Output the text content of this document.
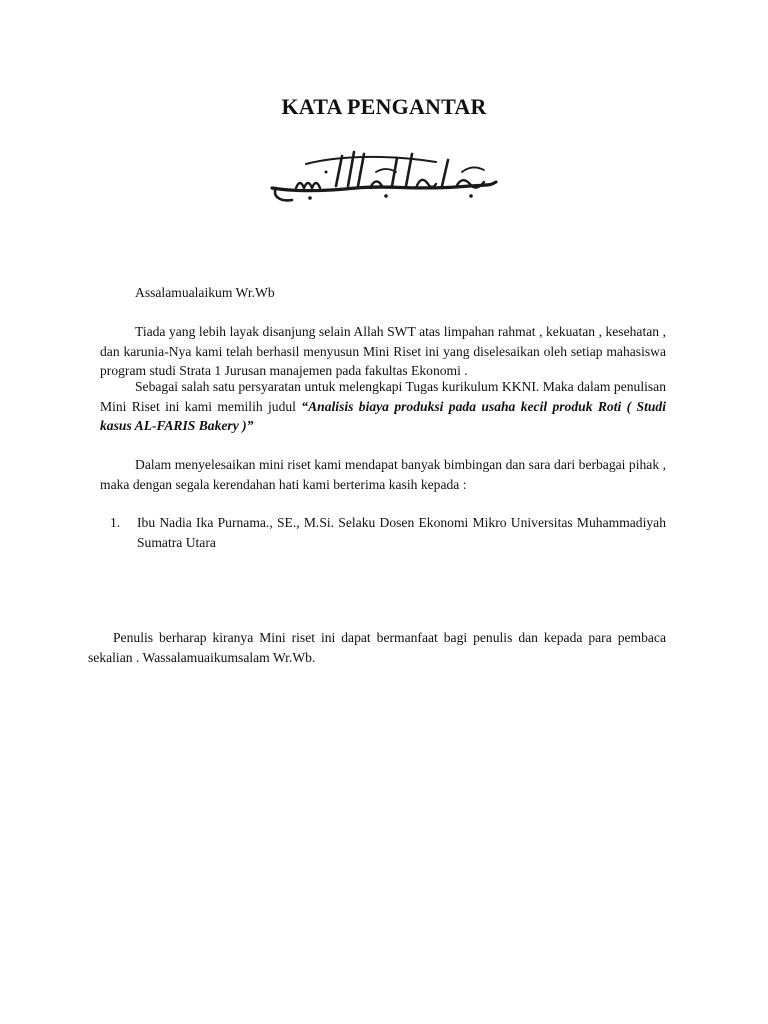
KATA PENGANTAR
Assalamualaikum Wr.Wb
Tiada yang lebih layak disanjung selain Allah SWT atas limpahan rahmat , kekuatan , kesehatan , dan karunia-Nya kami telah berhasil menyusun Mini Riset ini yang diselesaikan oleh setiap mahasiswa program studi Strata 1 Jurusan manajemen pada fakultas Ekonomi .
Sebagai salah satu persyaratan untuk melengkapi Tugas kurikulum KKNI. Maka dalam penulisan Mini Riset ini kami memilih judul “Analisis biaya produksi pada usaha kecil produk Roti ( Studi kasus AL-FARIS Bakery )”
Dalam menyelesaikan mini riset kami mendapat banyak bimbingan dan sara dari berbagai pihak , maka dengan segala kerendahan hati kami berterima kasih kepada :
1.	Ibu Nadia Ika Purnama., SE., M.Si. Selaku Dosen Ekonomi Mikro Universitas Muhammadiyah Sumatra Utara
Penulis berharap kiranya Mini riset ini dapat bermanfaat bagi penulis dan kepada para pembaca sekalian . Wassalamuaikumsalam Wr.Wb.
